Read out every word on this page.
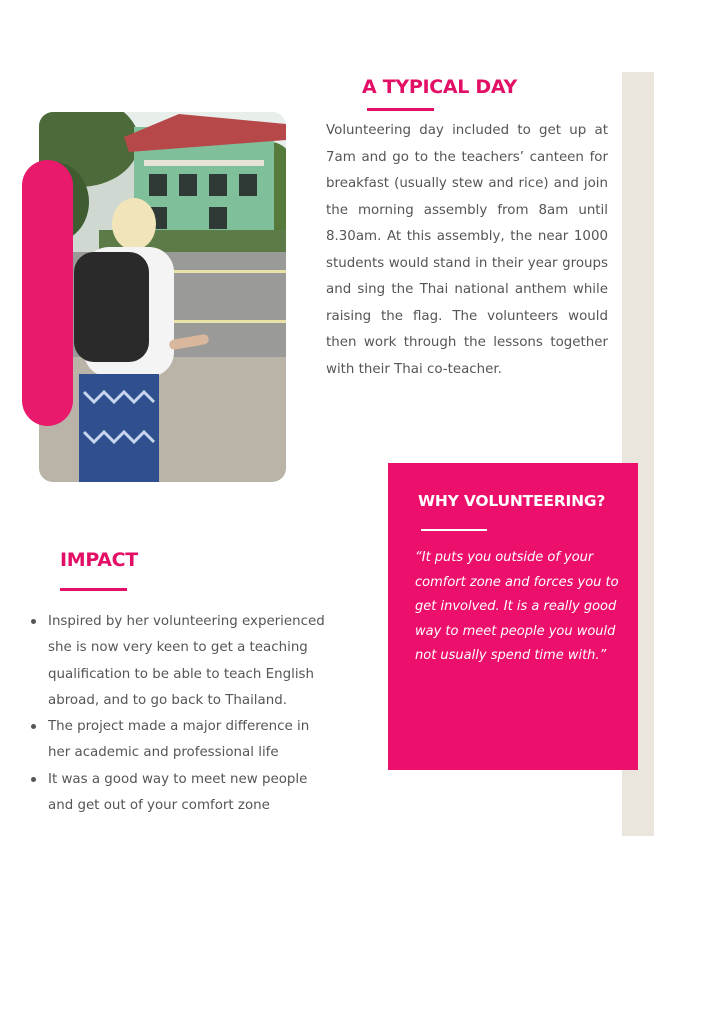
A TYPICAL DAY

Volunteering day included to get up at 7am and go to the teachers’ canteen for breakfast (usually stew and rice) and join the morning assembly from 8am until 8.30am. At this assembly, the near 1000 students would stand in their year groups and sing the Thai national anthem while raising the flag. The volunteers would then work through the lessons together with their Thai co-teacher.

WHY VOLUNTEERING?

“It puts you outside of your comfort zone and forces you to get involved. It is a really good way to meet people you would not usually spend time with.”

IMPACT
Inspired by her volunteering experienced she is now very keen to get a teaching qualification to be able to teach English abroad, and to go back to Thailand.
The project made a major difference in her academic and professional life
It was a good way to meet new people and get out of your comfort zone
